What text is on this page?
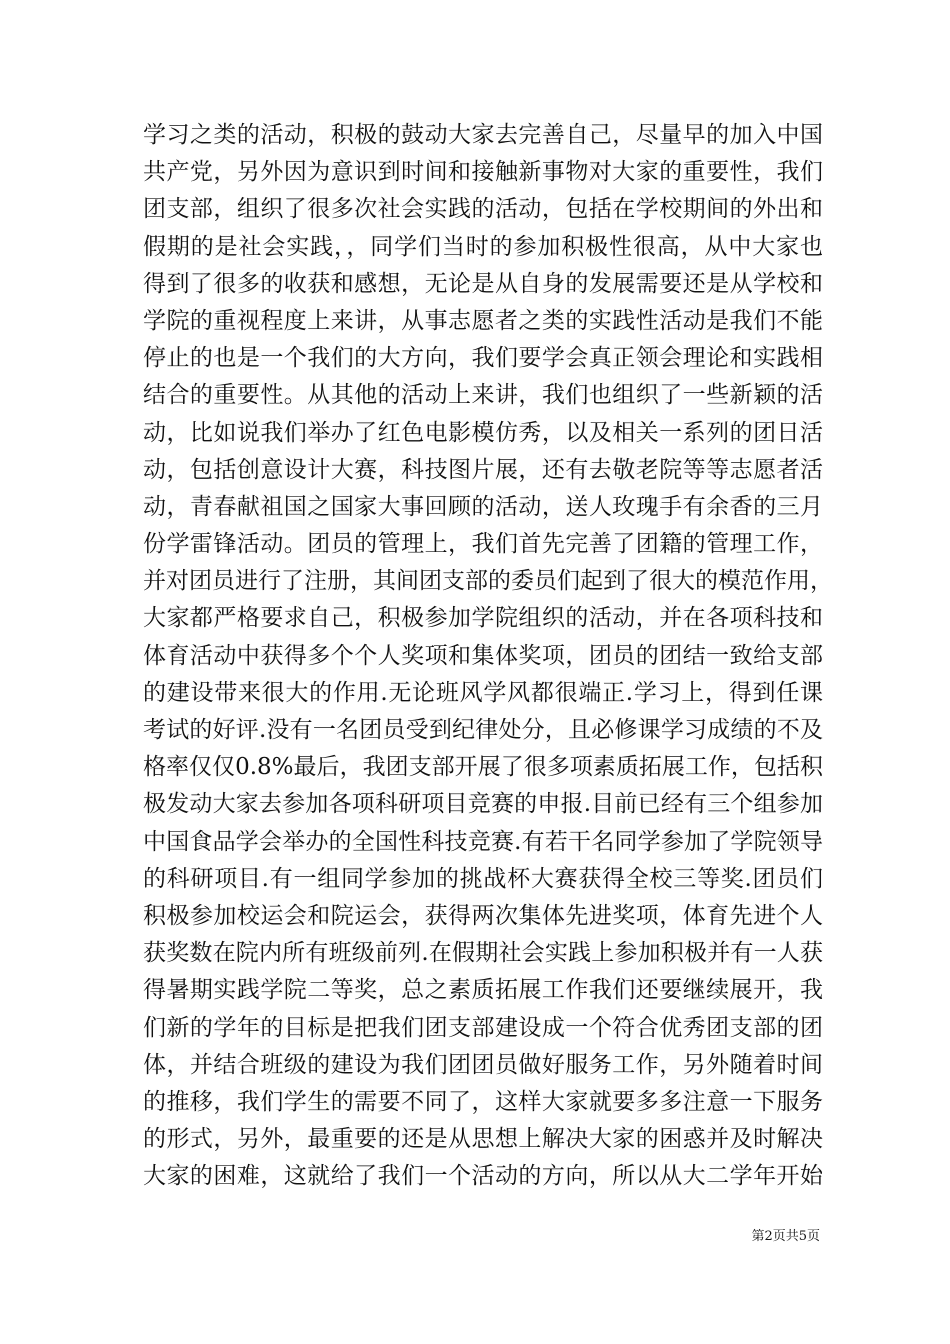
学习之类的活动，积极的鼓动大家去完善自己，尽量早的加入中国
共产党，另外因为意识到时间和接触新事物对大家的重要性，我们
团支部，组织了很多次社会实践的活动，包括在学校期间的外出和
假期的是社会实践，，同学们当时的参加积极性很高，从中大家也
得到了很多的收获和感想，无论是从自身的发展需要还是从学校和
学院的重视程度上来讲，从事志愿者之类的实践性活动是我们不能
停止的也是一个我们的大方向，我们要学会真正领会理论和实践相
结合的重要性。从其他的活动上来讲，我们也组织了一些新颖的活
动，比如说我们举办了红色电影模仿秀，以及相关一系列的团日活
动，包括创意设计大赛，科技图片展，还有去敬老院等等志愿者活
动，青春献祖国之国家大事回顾的活动，送人玫瑰手有余香的三月
份学雷锋活动。团员的管理上，我们首先完善了团籍的管理工作，
并对团员进行了注册，其间团支部的委员们起到了很大的模范作用，
大家都严格要求自己，积极参加学院组织的活动，并在各项科技和
体育活动中获得多个个人奖项和集体奖项，团员的团结一致给支部
的建设带来很大的作用.无论班风学风都很端正.学习上，得到任课
考试的好评.没有一名团员受到纪律处分，且必修课学习成绩的不及
格率仅仅0.8%最后，我团支部开展了很多项素质拓展工作，包括积
极发动大家去参加各项科研项目竞赛的申报.目前已经有三个组参加
中国食品学会举办的全国性科技竞赛.有若干名同学参加了学院领导
的科研项目.有一组同学参加的挑战杯大赛获得全校三等奖.团员们
积极参加校运会和院运会，获得两次集体先进奖项，体育先进个人
获奖数在院内所有班级前列.在假期社会实践上参加积极并有一人获
得暑期实践学院二等奖，总之素质拓展工作我们还要继续展开，我
们新的学年的目标是把我们团支部建设成一个符合优秀团支部的团
体，并结合班级的建设为我们团团员做好服务工作，另外随着时间
的推移，我们学生的需要不同了，这样大家就要多多注意一下服务
的形式，另外，最重要的还是从思想上解决大家的困惑并及时解决
大家的困难，这就给了我们一个活动的方向，所以从大二学年开始
第2页共5页
